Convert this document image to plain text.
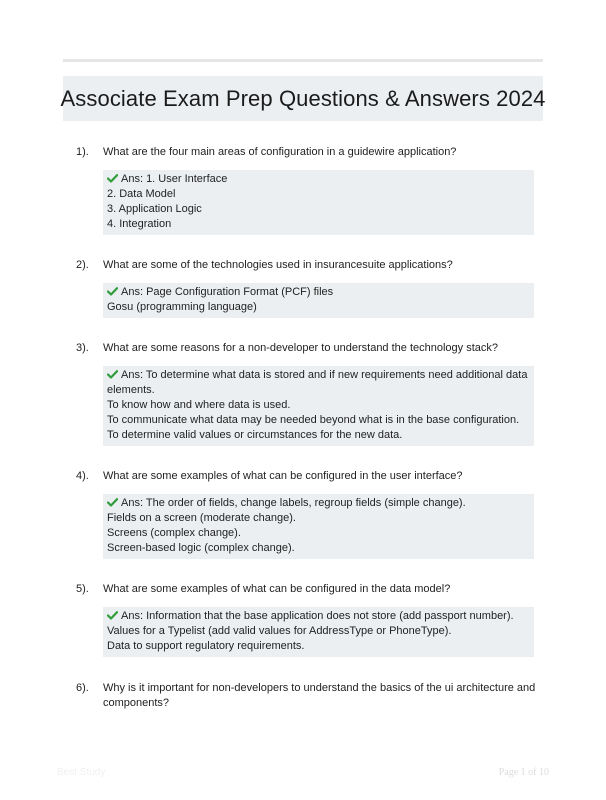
Associate Exam Prep Questions & Answers 2024
1).	What are the four main areas of configuration in a guidewire application?
Ans: 1. User Interface
2. Data Model
3. Application Logic
4. Integration
2).	What are some of the technologies used in insurancesuite applications?
Ans: Page Configuration Format (PCF) files
Gosu (programming language)
3).	What are some reasons for a non-developer to understand the technology stack?
Ans: To determine what data is stored and if new requirements need additional data elements.
To know how and where data is used.
To communicate what data may be needed beyond what is in the base configuration.
To determine valid values or circumstances for the new data.
4).	What are some examples of what can be configured in the user interface?
Ans: The order of fields, change labels, regroup fields (simple change).
Fields on a screen (moderate change).
Screens (complex change).
Screen-based logic (complex change).
5).	What are some examples of what can be configured in the data model?
Ans: Information that the base application does not store (add passport number).
Values for a Typelist (add valid values for AddressType or PhoneType).
Data to support regulatory requirements.
6).	Why is it important for non-developers to understand the basics of the ui architecture and components?
Best Study	Page 1 of 10
